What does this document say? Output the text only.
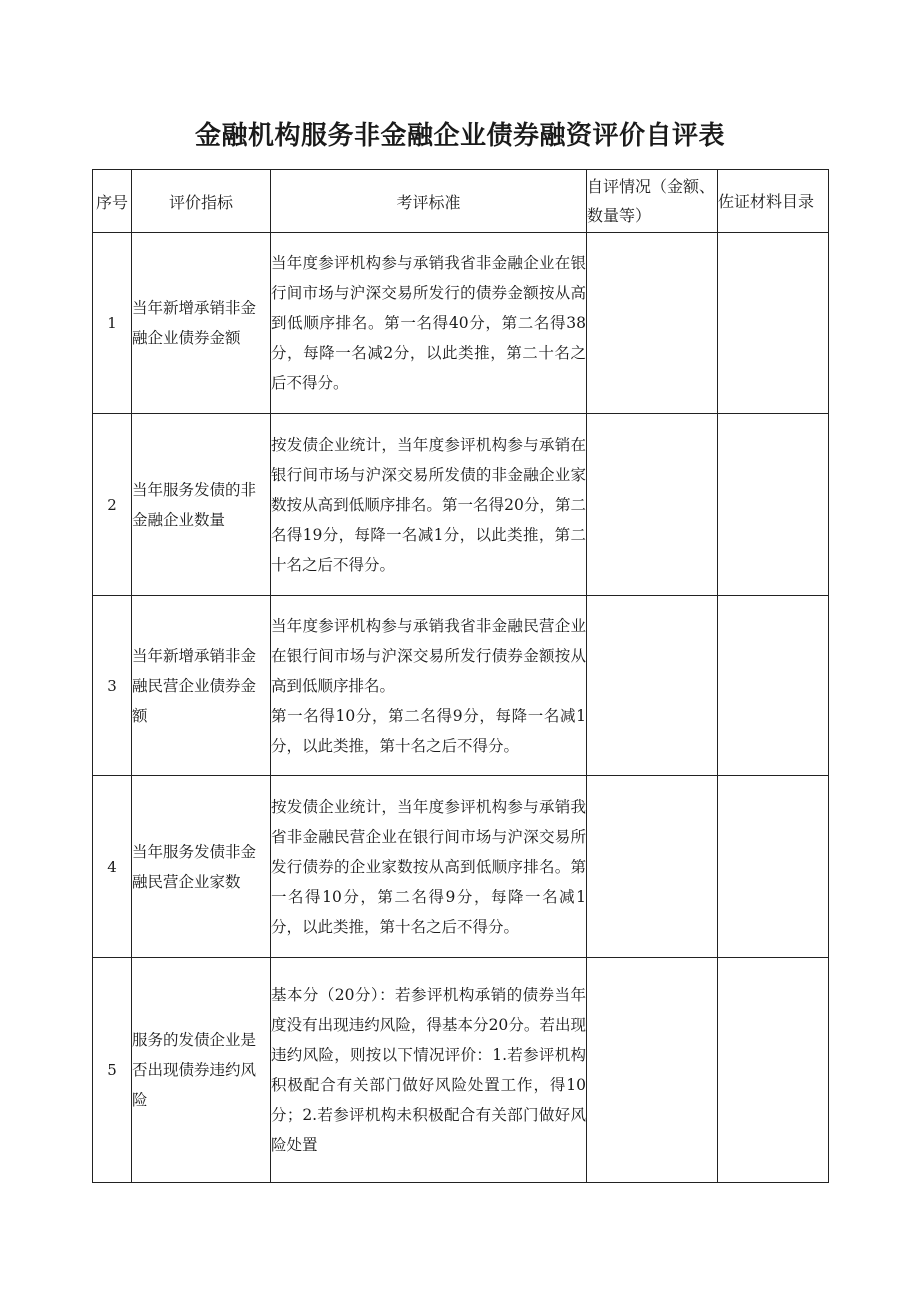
金融机构服务非金融企业债券融资评价自评表
序号	评价指标	考评标准	自评情况（金额、数量等）	佐证材料目录
1	当年新增承销非金融企业债券金额	当年度参评机构参与承销我省非金融企业在银行间市场与沪深交易所发行的债券金额按从高到低顺序排名。第一名得40分，第二名得38分，每降一名减2分，以此类推，第二十名之后不得分。		
2	当年服务发债的非金融企业数量	按发债企业统计，当年度参评机构参与承销在银行间市场与沪深交易所发债的非金融企业家数按从高到低顺序排名。第一名得20分，第二名得19分，每降一名减1分，以此类推，第二十名之后不得分。		
3	当年新增承销非金融民营企业债券金额	当年度参评机构参与承销我省非金融民营企业在银行间市场与沪深交易所发行债券金额按从高到低顺序排名。
第一名得10分，第二名得9分，每降一名减1分，以此类推，第十名之后不得分。		
4	当年服务发债非金融民营企业家数	按发债企业统计，当年度参评机构参与承销我省非金融民营企业在银行间市场与沪深交易所发行债券的企业家数按从高到低顺序排名。第一名得10分，第二名得9分，每降一名减1分，以此类推，第十名之后不得分。		
5	服务的发债企业是否出现债券违约风险	基本分（20分）：若参评机构承销的债券当年度没有出现违约风险，得基本分20分。若出现违约风险，则按以下情况评价：1.若参评机构积极配合有关部门做好风险处置工作，得10分；2.若参评机构未积极配合有关部门做好风险处置		
